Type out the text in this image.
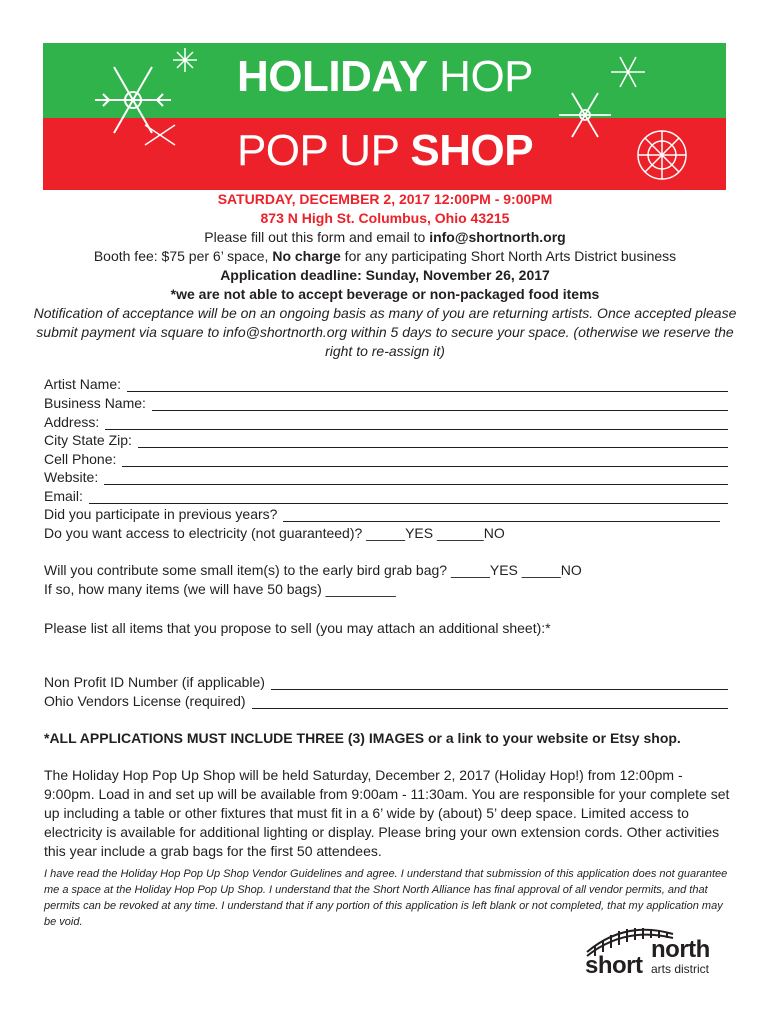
HOLIDAY HOP
POP UP SHOP
SATURDAY, DECEMBER 2, 2017 12:00PM - 9:00PM
873 N High St. Columbus, Ohio 43215
Please fill out this form and email to info@shortnorth.org
Booth fee: $75 per 6’ space, No charge for any participating Short North Arts District business
Application deadline: Sunday, November 26, 2017
*we are not able to accept beverage or non-packaged food items
Notification of acceptance will be on an ongoing basis as many of you are returning artists. Once accepted please submit payment via square to info@shortnorth.org within 5 days to secure your space. (otherwise we reserve the right to re-assign it)
Artist Name:
Business Name:
Address:
City State Zip:
Cell Phone:
Website:
Email:
Did you participate in previous years?
Do you want access to electricity (not guaranteed)? _____YES ______NO
Will you contribute some small item(s) to the early bird grab bag? _____YES _____NO
If so, how many items (we will have 50 bags) _________
Please list all items that you propose to sell (you may attach an additional sheet):*
Non Profit ID Number (if applicable)
Ohio Vendors License (required)
*ALL APPLICATIONS MUST INCLUDE THREE (3) IMAGES or a link to your website or Etsy shop.
The Holiday Hop Pop Up Shop will be held Saturday, December 2, 2017 (Holiday Hop!) from 12:00pm - 9:00pm. Load in and set up will be available from 9:00am - 11:30am. You are responsible for your complete set up including a table or other fixtures that must fit in a 6’ wide by (about) 5’ deep space. Limited access to electricity is available for additional lighting or display. Please bring your own extension cords. Other activities this year include a grab bags for the first 50 attendees.
I have read the Holiday Hop Pop Up Shop Vendor Guidelines and agree. I understand that submission of this application does not guarantee me a space at the Holiday Hop Pop Up Shop. I understand that the Short North Alliance has final approval of all vendor permits, and that permits can be revoked at any time. I understand that if any portion of this application is left blank or not completed, that my application may be void.
north
short arts district
